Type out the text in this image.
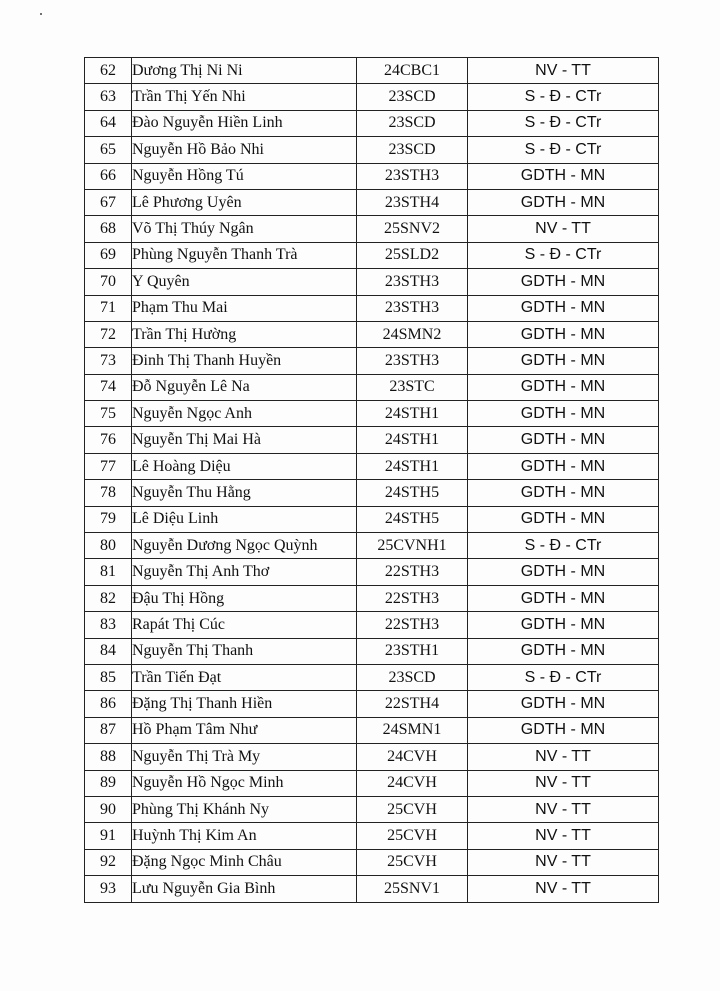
62	Dương Thị Ni Ni	24CBC1	NV - TT
63	Trần Thị Yến Nhi	23SCD	S - Đ - CTr
64	Đào Nguyễn Hiền Linh	23SCD	S - Đ - CTr
65	Nguyễn Hồ Bảo Nhi	23SCD	S - Đ - CTr
66	Nguyễn Hồng Tú	23STH3	GDTH - MN
67	Lê Phương Uyên	23STH4	GDTH - MN
68	Võ Thị Thúy Ngân	25SNV2	NV - TT
69	Phùng Nguyễn Thanh Trà	25SLD2	S - Đ - CTr
70	Y Quyên	23STH3	GDTH - MN
71	Phạm Thu Mai	23STH3	GDTH - MN
72	Trần Thị Hường	24SMN2	GDTH - MN
73	Đinh Thị Thanh Huyền	23STH3	GDTH - MN
74	Đỗ Nguyễn Lê Na	23STC	GDTH - MN
75	Nguyễn Ngọc Anh	24STH1	GDTH - MN
76	Nguyễn Thị Mai Hà	24STH1	GDTH - MN
77	Lê Hoàng Diệu	24STH1	GDTH - MN
78	Nguyễn Thu Hằng	24STH5	GDTH - MN
79	Lê Diệu Linh	24STH5	GDTH - MN
80	Nguyễn Dương Ngọc Quỳnh	25CVNH1	S - Đ - CTr
81	Nguyễn Thị Anh Thơ	22STH3	GDTH - MN
82	Đậu Thị Hồng	22STH3	GDTH - MN
83	Rapát Thị Cúc	22STH3	GDTH - MN
84	Nguyễn Thị Thanh	23STH1	GDTH - MN
85	Trần Tiến Đạt	23SCD	S - Đ - CTr
86	Đặng Thị Thanh Hiền	22STH4	GDTH - MN
87	Hồ Phạm Tâm Như	24SMN1	GDTH - MN
88	Nguyễn Thị Trà My	24CVH	NV - TT
89	Nguyễn Hồ Ngọc Minh	24CVH	NV - TT
90	Phùng Thị Khánh Ny	25CVH	NV - TT
91	Huỳnh Thị Kim An	25CVH	NV - TT
92	Đặng Ngọc Minh Châu	25CVH	NV - TT
93	Lưu Nguyễn Gia Bình	25SNV1	NV - TT
